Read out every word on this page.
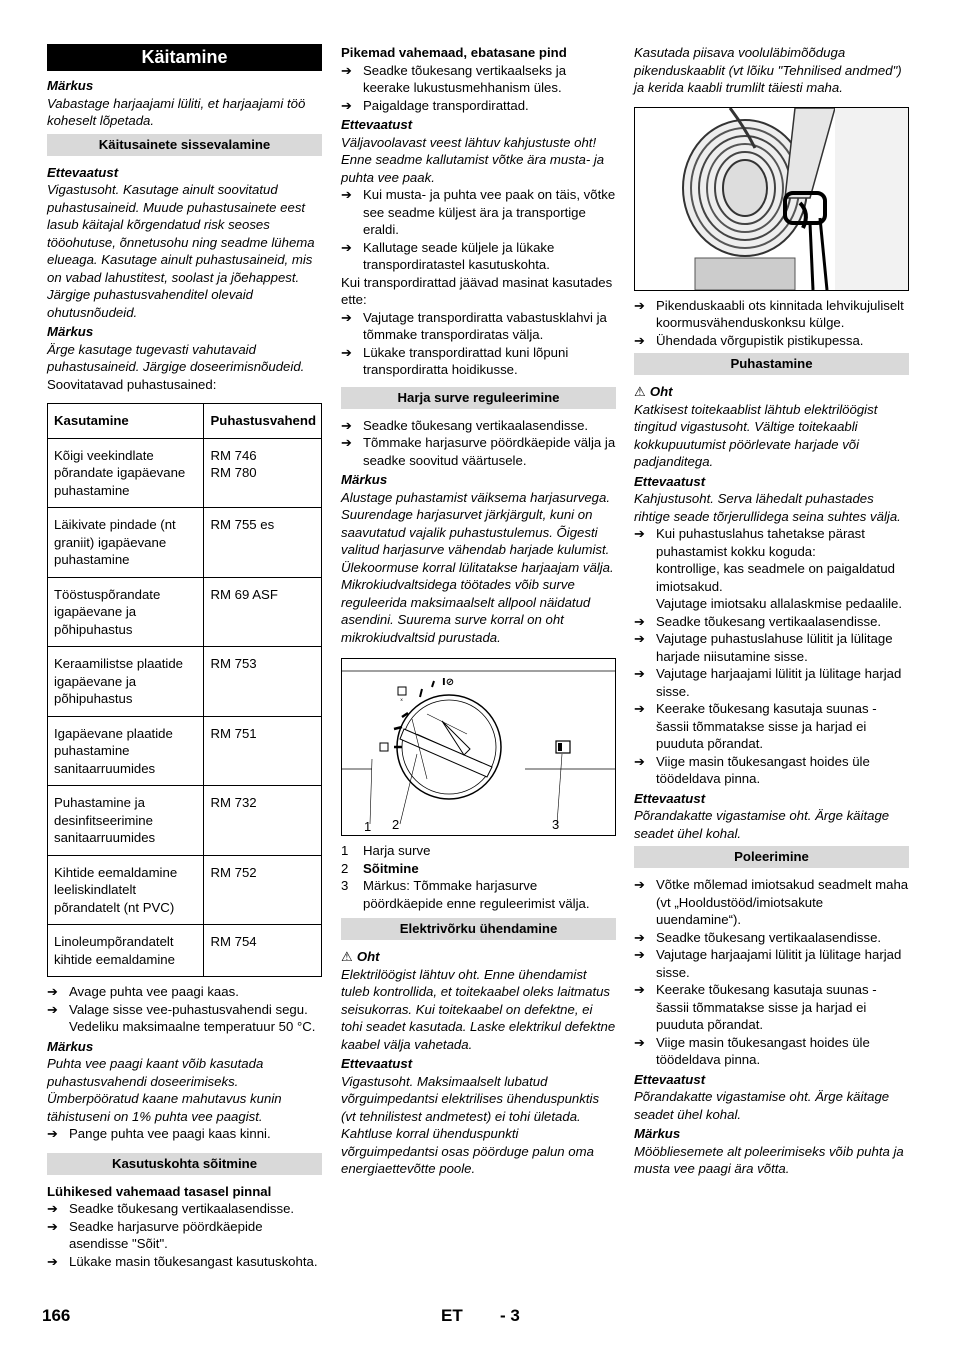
Käitamine
Märkus

Vabastage harjaajami lüliti, et harjaajami töö koheselt lõpetada.

Käitusainete sissevalamine
Ettevaatust

Vigastusoht. Kasutage ainult soovitatud puhastusaineid. Muude puhastusainete eest lasub käitajal kõrgendatud risk seoses tööohutuse, õnnetusohu ning seadme lühema elueaga. Kasutage ainult puhastusaineid, mis on vabad lahustitest, soolast ja jõehappest. Järgige puhastusvahenditel olevaid ohutusnõudeid.

Märkus

Ärge kasutage tugevasti vahutavaid puhastusaineid. Järgige doseerimisnõudeid.

Soovitatavad puhastusained:

Kasutamine	Puhastusvahend
Kõigi veekindlate põrandate igapäevane puhastamine	RM 746
RM 780
Läikivate pindade (nt graniit) igapäevane puhastamine	RM 755 es
Tööstuspõrandate igapäevane ja põhipuhastus	RM 69 ASF
Keraamilistse plaatide igapäevane ja põhipuhastus	RM 753
Igapäevane plaatide puhastamine sanitaarruumides	RM 751
Puhastamine ja desinfitseerimine sanitaarruumides	RM 732
Kihtide eemaldamine leeliskindlatelt põrandatelt (nt PVC)	RM 752
Linoleumpõrandatelt kihtide eemaldamine	RM 754
➔ Avage puhta vee paagi kaas.
➔ Valage sisse vee-puhastusvahendi segu. Vedeliku maksimaalne temperatuur 50 °C.
Märkus

Puhta vee paagi kaant võib kasutada puhastusvahendi doseerimiseks. Ümberpööratud kaane mahutavus kunin tähistuseni on 1% puhta vee paagist.

➔ Pange puhta vee paagi kaas kinni.
Kasutuskohta sõitmine
Lühikesed vahemaad tasasel pinnal
➔ Seadke tõukesang vertikaalasendisse.
➔ Seadke harjasurve pöördkäepide asendisse "Sõit".
➔ Lükake masin tõukesangast kasutuskohta.
Pikemad vahemaad, ebatasane pind
➔ Seadke tõukesang vertikaalseks ja keerake lukustusmehhanism üles.
➔ Paigaldage transpordirattad.
Ettevaatust

Väljavoolavast veest lähtuv kahjustuste oht! Enne seadme kallutamist võtke ära musta- ja puhta vee paak.

➔ Kui musta- ja puhta vee paak on täis, võtke see seadme küljest ära ja transportige eraldi.
➔ Kallutage seade küljele ja lükake transpordiratastel kasutuskohta.

Kui transpordirattad jäävad masinat kasutades ette:

➔ Vajutage transpordiratta vabastusklahvi ja tõmmake transpordiratas välja.
➔ Lükake transpordirattad kuni lõpuni transpordiratta hoidikusse.
Harja surve reguleerimine
➔ Seadke tõukesang vertikaalasendisse.
➔ Tõmmake harjasurve pöördkäepide välja ja seadke soovitud väärtusele.
Märkus

Alustage puhastamist väiksema harjasurvega. Suurendage harjasurvet järkjärgult, kuni on saavutatud vajalik puhastustulemus. Õigesti valitud harjasurve vähendab harjade kulumist. Ülekoormuse korral lülitatakse harjaajam välja. Mikrokiudvaltsidega töötades võib surve reguleerida maksimaalselt allpool näidatud asendini. Suurema surve korral on oht mikrokiudvaltsid purustada.

ₓ
I⊘
1 2	3
1 Harja surve
2 Sõitmine
3 Märkus: Tõmmake harjasurve pöördkäepide enne reguleerimist välja.
Elektrivõrku ühendamine
⚠ Oht

Elektrilöögist lähtuv oht. Enne ühendamist tuleb kontrollida, et toitekaabel oleks laitmatus seisukorras. Kui toitekaabel on defektne, ei tohi seadet kasutada. Laske elektrikul defektne kaabel välja vahetada.

Ettevaatust

Vigastusoht. Maksimaalselt lubatud võrguimpedantsi elektrilises ühenduspunktis (vt tehnilistest andmetest) ei tohi ületada. Kahtluse korral ühenduspunkti võrguimpedantsi osas pöörduge palun oma energiaettevõtte poole.

Kasutada piisava vooluläbimõõduga pikenduskaablit (vt lõiku "Tehnilised andmed") ja kerida kaabli trumlilt täiesti maha.

➔ Pikenduskaabli ots kinnitada lehvikujuliselt koormusvähenduskonksu külge.
➔ Ühendada võrgupistik pistikupessa.
Puhastamine
⚠ Oht

Katkisest toitekaablist lähtub elektrilöögist tingitud vigastusoht. Vältige toitekaabli kokkupuutumist pöörlevate harjade või padjanditega.

Ettevaatust

Kahjustusoht. Serva lähedalt puhastades rihtige seade tõrjerullidega seina suhtes välja.

➔ Kui puhastuslahus tahetakse pärast puhastamist kokku koguda:

kontrollige, kas seadmele on paigaldatud imiotsakud.

Vajutage imiotsaku allalaskmise pedaalile.

➔ Seadke tõukesang vertikaalasendisse.
➔ Vajutage puhastuslahuse lülitit ja lülitage harjade niisutamine sisse.
➔ Vajutage harjaajami lülitit ja lülitage harjad sisse.
➔ Keerake tõukesang kasutaja suunas - šassii tõmmatakse sisse ja harjad ei puuduta põrandat.
➔ Viige masin tõukesangast hoides üle töödeldava pinna.
Ettevaatust

Põrandakatte vigastamise oht. Ärge käitage seadet ühel kohal.

Poleerimine
➔ Võtke mõlemad imiotsakud seadmelt maha (vt „Hooldustööd/imiotsakute uuendamine“).
➔ Seadke tõukesang vertikaalasendisse.
➔ Vajutage harjaajami lülitit ja lülitage harjad sisse.
➔ Keerake tõukesang kasutaja suunas - šassii tõmmatakse sisse ja harjad ei puuduta põrandat.
➔ Viige masin tõukesangast hoides üle töödeldava pinna.
Ettevaatust

Põrandakatte vigastamise oht. Ärge käitage seadet ühel kohal.

Märkus

Mööbliesemete alt poleerimiseks võib puhta ja musta vee paagi ära võtta.

166	ET - 3
